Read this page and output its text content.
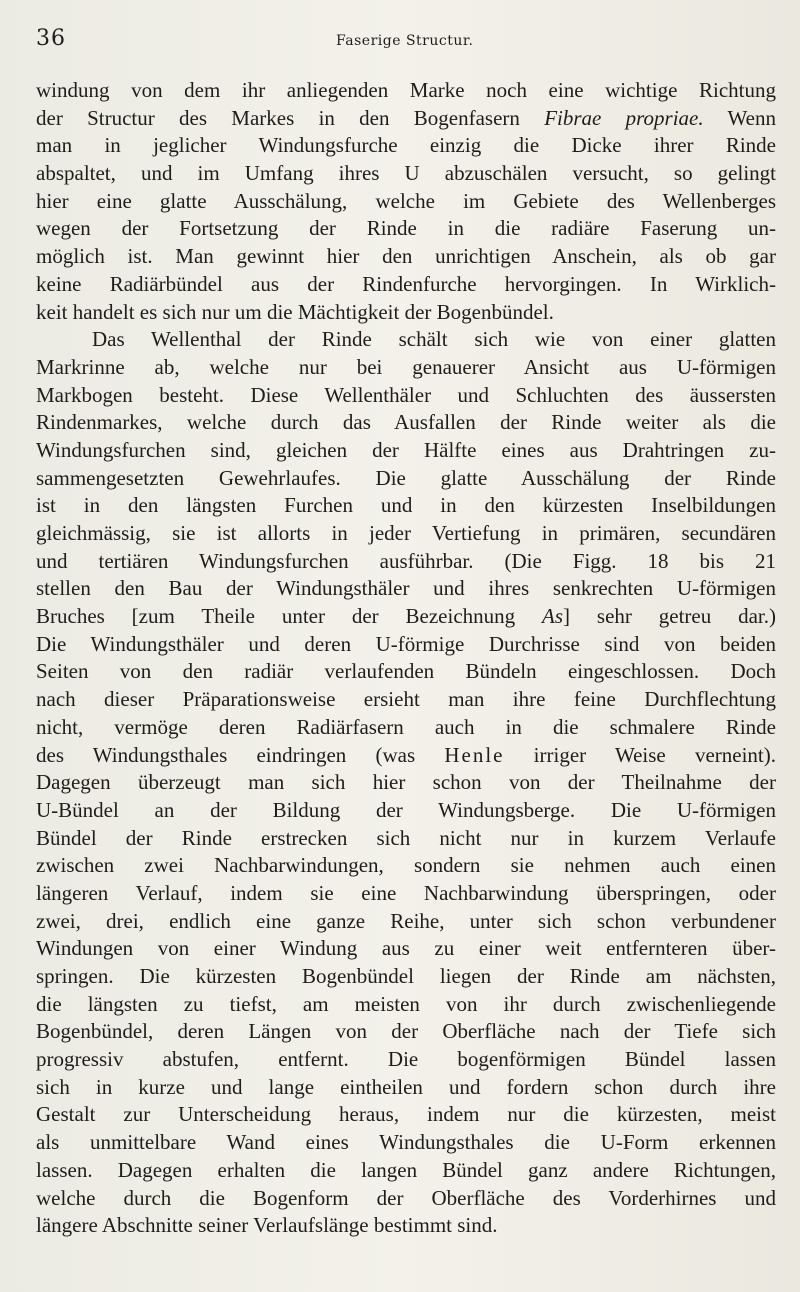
36	Faserige Structur.
windung von dem ihr anliegenden Marke noch eine wichtige Richtung
der Structur des Markes in den Bogenfasern Fibrae propriae. Wenn
man in jeglicher Windungsfurche einzig die Dicke ihrer Rinde
abspaltet, und im Umfang ihres U abzuschälen versucht, so gelingt
hier eine glatte Ausschälung, welche im Gebiete des Wellenberges
wegen der Fortsetzung der Rinde in die radiäre Faserung un-
möglich ist. Man gewinnt hier den unrichtigen Anschein, als ob gar
keine Radiärbündel aus der Rindenfurche hervorgingen. In Wirklich-
keit handelt es sich nur um die Mächtigkeit der Bogenbündel.
Das Wellenthal der Rinde schält sich wie von einer glatten
Markrinne ab, welche nur bei genauerer Ansicht aus U-förmigen
Markbogen besteht. Diese Wellenthäler und Schluchten des äussersten
Rindenmarkes, welche durch das Ausfallen der Rinde weiter als die
Windungsfurchen sind, gleichen der Hälfte eines aus Drahtringen zu-
sammengesetzten Gewehrlaufes. Die glatte Ausschälung der Rinde
ist in den längsten Furchen und in den kürzesten Inselbildungen
gleichmässig, sie ist allorts in jeder Vertiefung in primären, secundären
und tertiären Windungsfurchen ausführbar. (Die Figg. 18 bis 21
stellen den Bau der Windungsthäler und ihres senkrechten U-förmigen
Bruches [zum Theile unter der Bezeichnung As] sehr getreu dar.)
Die Windungsthäler und deren U-förmige Durchrisse sind von beiden
Seiten von den radiär verlaufenden Bündeln eingeschlossen. Doch
nach dieser Präparationsweise ersieht man ihre feine Durchflechtung
nicht, vermöge deren Radiärfasern auch in die schmalere Rinde
des Windungsthales eindringen (was Henle irriger Weise verneint).
Dagegen überzeugt man sich hier schon von der Theilnahme der
U-Bündel an der Bildung der Windungsberge. Die U-förmigen
Bündel der Rinde erstrecken sich nicht nur in kurzem Verlaufe
zwischen zwei Nachbarwindungen, sondern sie nehmen auch einen
längeren Verlauf, indem sie eine Nachbarwindung überspringen, oder
zwei, drei, endlich eine ganze Reihe, unter sich schon verbundener
Windungen von einer Windung aus zu einer weit entfernteren über-
springen. Die kürzesten Bogenbündel liegen der Rinde am nächsten,
die längsten zu tiefst, am meisten von ihr durch zwischenliegende
Bogenbündel, deren Längen von der Oberfläche nach der Tiefe sich
progressiv abstufen, entfernt. Die bogenförmigen Bündel lassen
sich in kurze und lange eintheilen und fordern schon durch ihre
Gestalt zur Unterscheidung heraus, indem nur die kürzesten, meist
als unmittelbare Wand eines Windungsthales die U-Form erkennen
lassen. Dagegen erhalten die langen Bündel ganz andere Richtungen,
welche durch die Bogenform der Oberfläche des Vorderhirnes und
längere Abschnitte seiner Verlaufslänge bestimmt sind.
